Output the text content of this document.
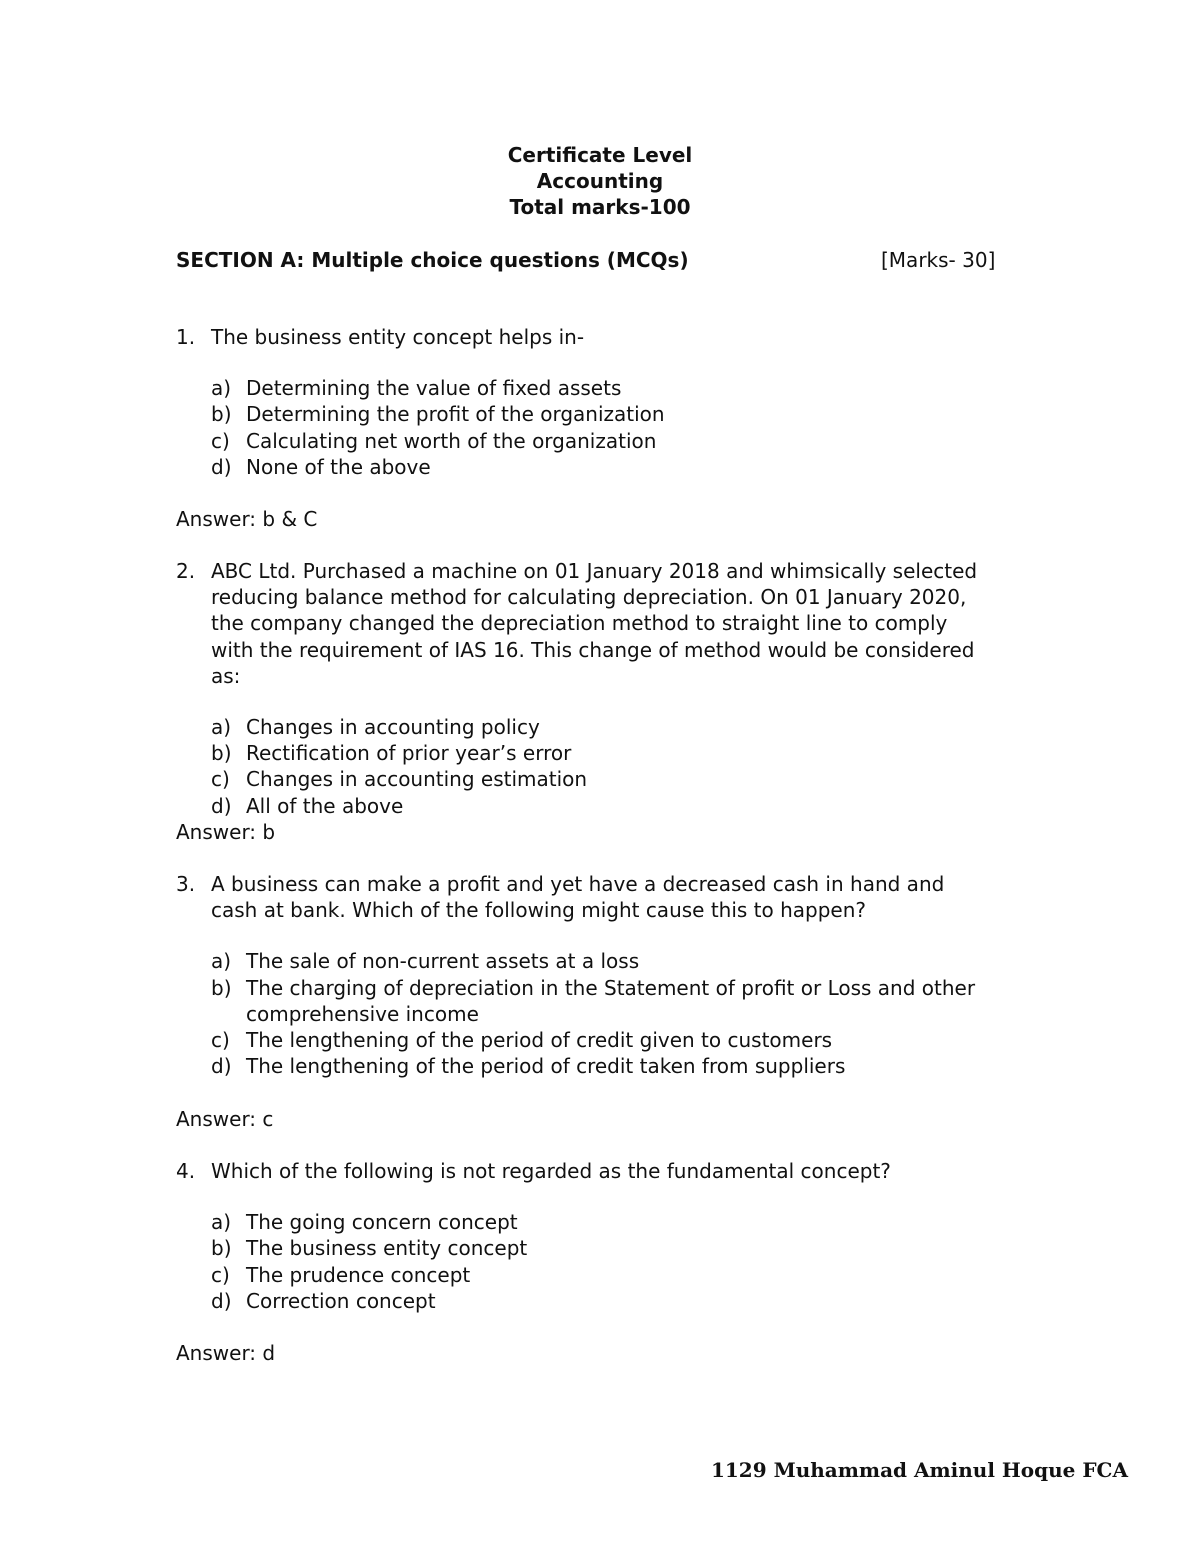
Certificate Level
Accounting
Total marks-100
SECTION A: Multiple choice questions (MCQs)	[Marks- 30]
1. The business entity concept helps in-
a) Determining the value of fixed assets
b) Determining the profit of the organization
c) Calculating net worth of the organization
d) None of the above
Answer: b & C
2. ABC Ltd. Purchased a machine on 01 January 2018 and whimsically selected reducing balance method for calculating depreciation. On 01 January 2020, the company changed the depreciation method to straight line to comply with the requirement of IAS 16. This change of method would be considered as:
a) Changes in accounting policy
b) Rectification of prior year’s error
c) Changes in accounting estimation
d) All of the above
Answer: b
3. A business can make a profit and yet have a decreased cash in hand and cash at bank. Which of the following might cause this to happen?
a) The sale of non-current assets at a loss
b) The charging of depreciation in the Statement of profit or Loss and other comprehensive income
c) The lengthening of the period of credit given to customers
d) The lengthening of the period of credit taken from suppliers
Answer: c
4. Which of the following is not regarded as the fundamental concept?
a) The going concern concept
b) The business entity concept
c) The prudence concept
d) Correction concept
Answer: d
1129 Muhammad Aminul Hoque FCA
